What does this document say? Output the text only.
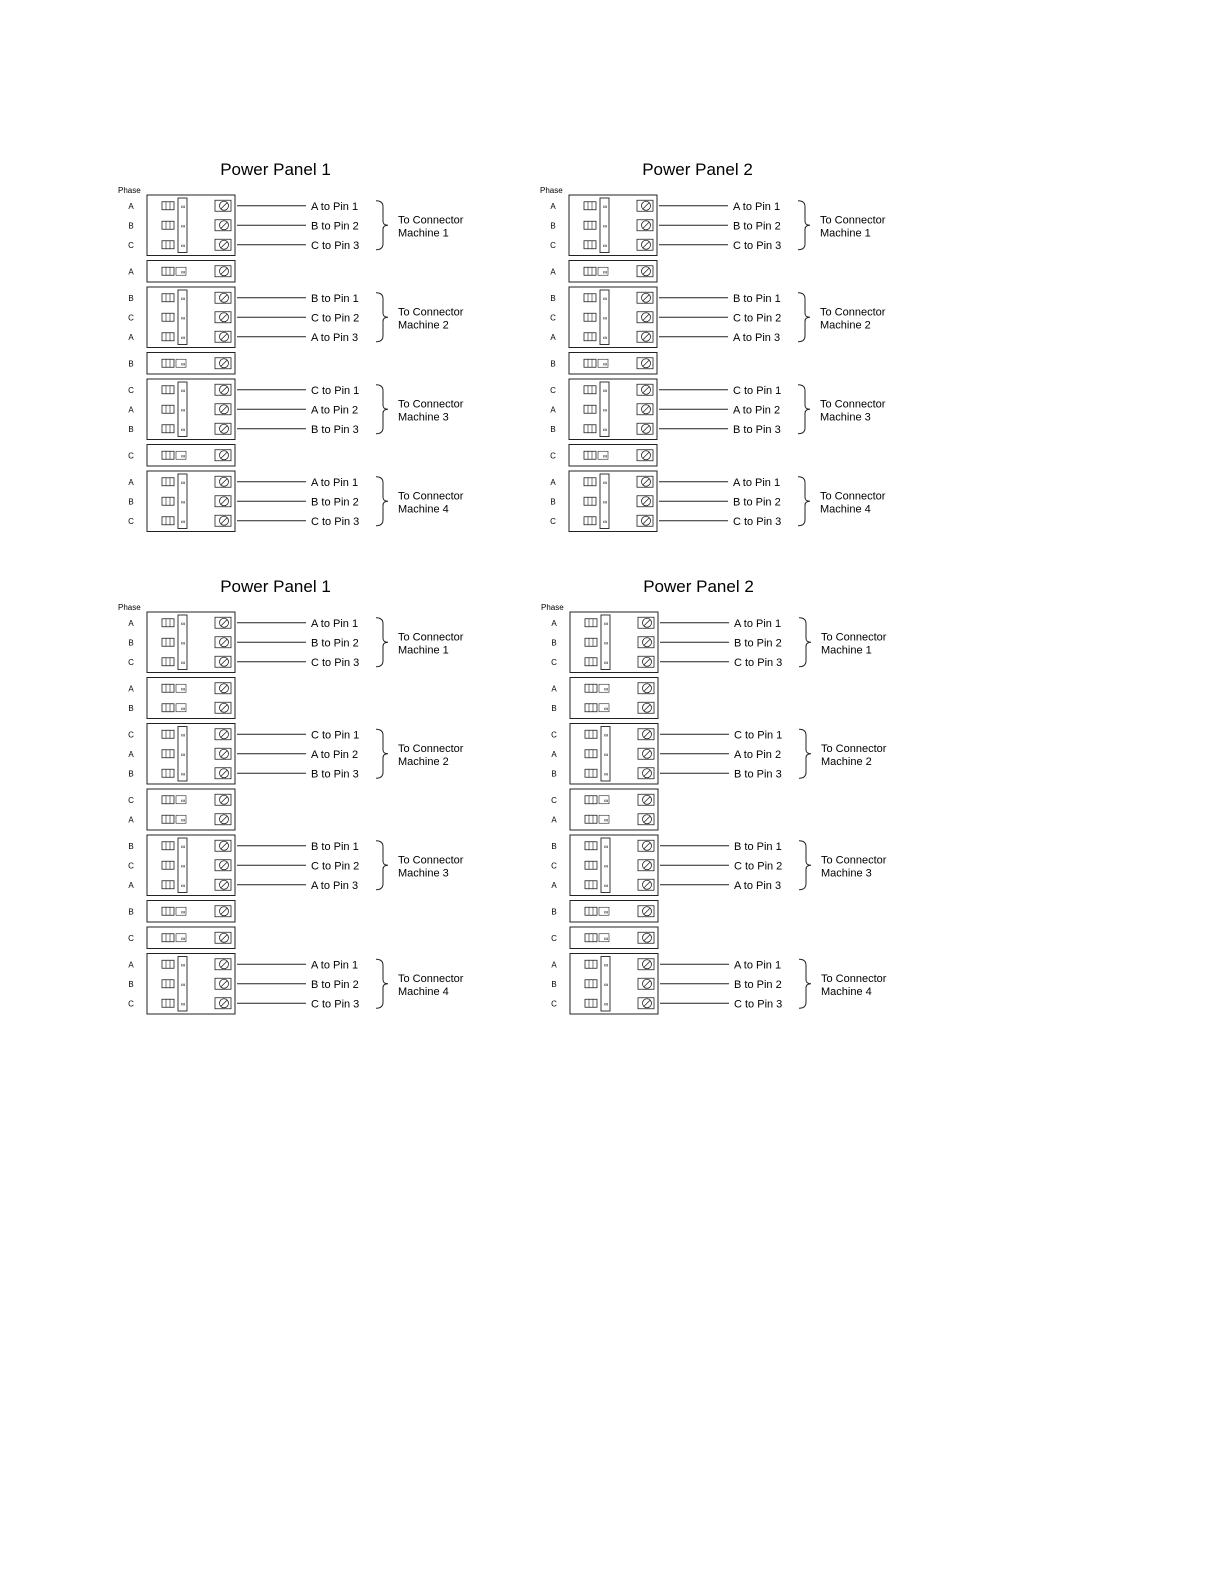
Power Panel 1
Phase
A	∞	A to Pin 1
B	∞	B to Pin 2
C	∞	C to Pin 3
To Connector
Machine 1
A	∞
B	∞	B to Pin 1
C	∞	C to Pin 2
A	∞	A to Pin 3
To Connector
Machine 2
B	∞
C	∞	C to Pin 1
A	∞	A to Pin 2
B	∞	B to Pin 3
To Connector
Machine 3
C	∞
A	∞	A to Pin 1
B	∞	B to Pin 2
C	∞	C to Pin 3
To Connector
Machine 4
Power Panel 2
Phase
A	∞	A to Pin 1
B	∞	B to Pin 2
C	∞	C to Pin 3
To Connector
Machine 1
A	∞
B	∞	B to Pin 1
C	∞	C to Pin 2
A	∞	A to Pin 3
To Connector
Machine 2
B	∞
C	∞	C to Pin 1
A	∞	A to Pin 2
B	∞	B to Pin 3
To Connector
Machine 3
C	∞
A	∞	A to Pin 1
B	∞	B to Pin 2
C	∞	C to Pin 3
To Connector
Machine 4
Power Panel 1
Phase
A	∞	A to Pin 1
B	∞	B to Pin 2
C	∞	C to Pin 3
To Connector
Machine 1
A	∞
B	∞
C	∞	C to Pin 1
A	∞	A to Pin 2
B	∞	B to Pin 3
To Connector
Machine 2
C	∞
A	∞
B	∞	B to Pin 1
C	∞	C to Pin 2
A	∞	A to Pin 3
To Connector
Machine 3
B	∞
C	∞
A	∞	A to Pin 1
B	∞	B to Pin 2
C	∞	C to Pin 3
To Connector
Machine 4
Power Panel 2
Phase
A	∞	A to Pin 1
B	∞	B to Pin 2
C	∞	C to Pin 3
To Connector
Machine 1
A	∞
B	∞
C	∞	C to Pin 1
A	∞	A to Pin 2
B	∞	B to Pin 3
To Connector
Machine 2
C	∞
A	∞
B	∞	B to Pin 1
C	∞	C to Pin 2
A	∞	A to Pin 3
To Connector
Machine 3
B	∞
C	∞
A	∞	A to Pin 1
B	∞	B to Pin 2
C	∞	C to Pin 3
To Connector
Machine 4
